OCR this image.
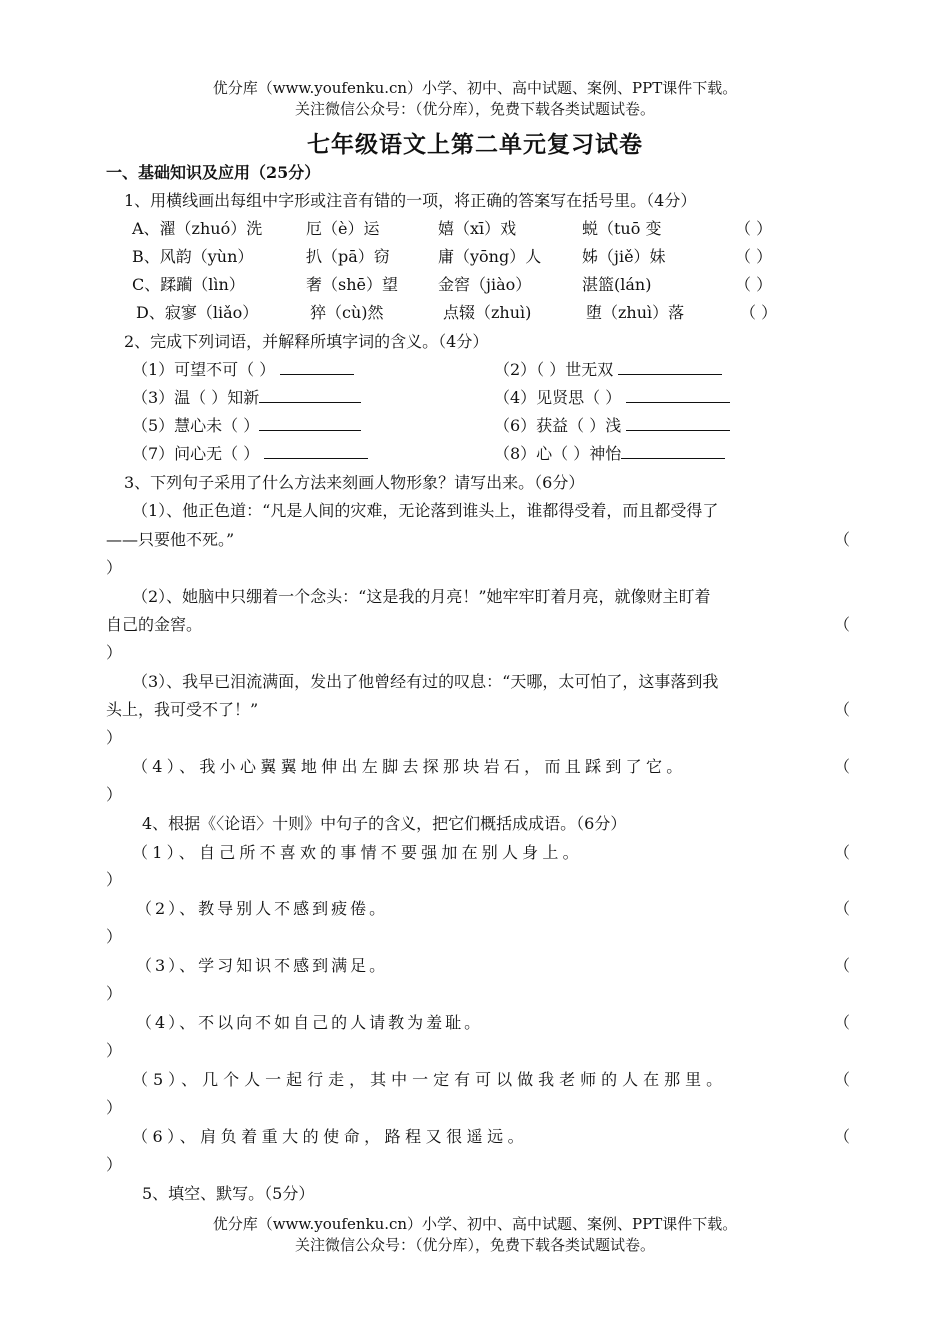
优分库（www.youfenku.cn）小学、初中、高中试题、案例、PPT课件下载。
关注微信公众号：（优分库），免费下载各类试题试卷。
七年级语文上第二单元复习试卷
一、基础知识及应用（25分）
1、用横线画出每组中字形或注音有错的一项，将正确的答案写在括号里。（4分）
A、濯（zhuó）洗	厄（è）运	嬉（xī）戏	蜕（tuō 变	（ ）
B、风韵（yùn）	扒（pā）窃	庸（yōng）人	姊（jiě）妹	（ ）
C、蹂躏（lìn）	奢（shē）望	金窖（jiào）	湛篮(lán)	（ ）
D、寂寥（liǎo）	猝（cù)然	点辍（zhuì)	堕（zhuì）落	（ ）
2、完成下列词语，并解释所填字词的含义。（4分）
（1）可望不可（ ）	（2）（ ）世无双
（3）温（ ）知新	（4）见贤思（ ）
（5）慧心未（ ）	（6）获益（ ）浅
（7）问心无（ ）	（8）心（ ）神怡
3、下列句子采用了什么方法来刻画人物形象？请写出来。（6分）
（1）、他正色道：“凡是人间的灾难，无论落到谁头上，谁都得受着，而且都受得了
——只要他不死。”	（
）
（2）、她脑中只绷着一个念头：“这是我的月亮！”她牢牢盯着月亮，就像财主盯着
自己的金窖。	（
）
（3）、我早已泪流满面，发出了他曾经有过的叹息：“天哪，太可怕了，这事落到我
头上，我可受不了！”	（
）
（4）、我小心翼翼地伸出左脚去探那块岩石，而且踩到了它。	（
）
4、根据《〈论语〉十则》中句子的含义，把它们概括成成语。（6分）
（1）、自己所不喜欢的事情不要强加在别人身上。	（
）
（2）、教导别人不感到疲倦。	（
）
（3）、学习知识不感到满足。	（
）
（4）、不以向不如自己的人请教为羞耻。	（
）
（5）、几个人一起行走，其中一定有可以做我老师的人在那里。	（
）
（6）、肩负着重大的使命，路程又很遥远。	（
）
5、填空、默写。（5分）
优分库（www.youfenku.cn）小学、初中、高中试题、案例、PPT课件下载。
关注微信公众号：（优分库），免费下载各类试题试卷。
